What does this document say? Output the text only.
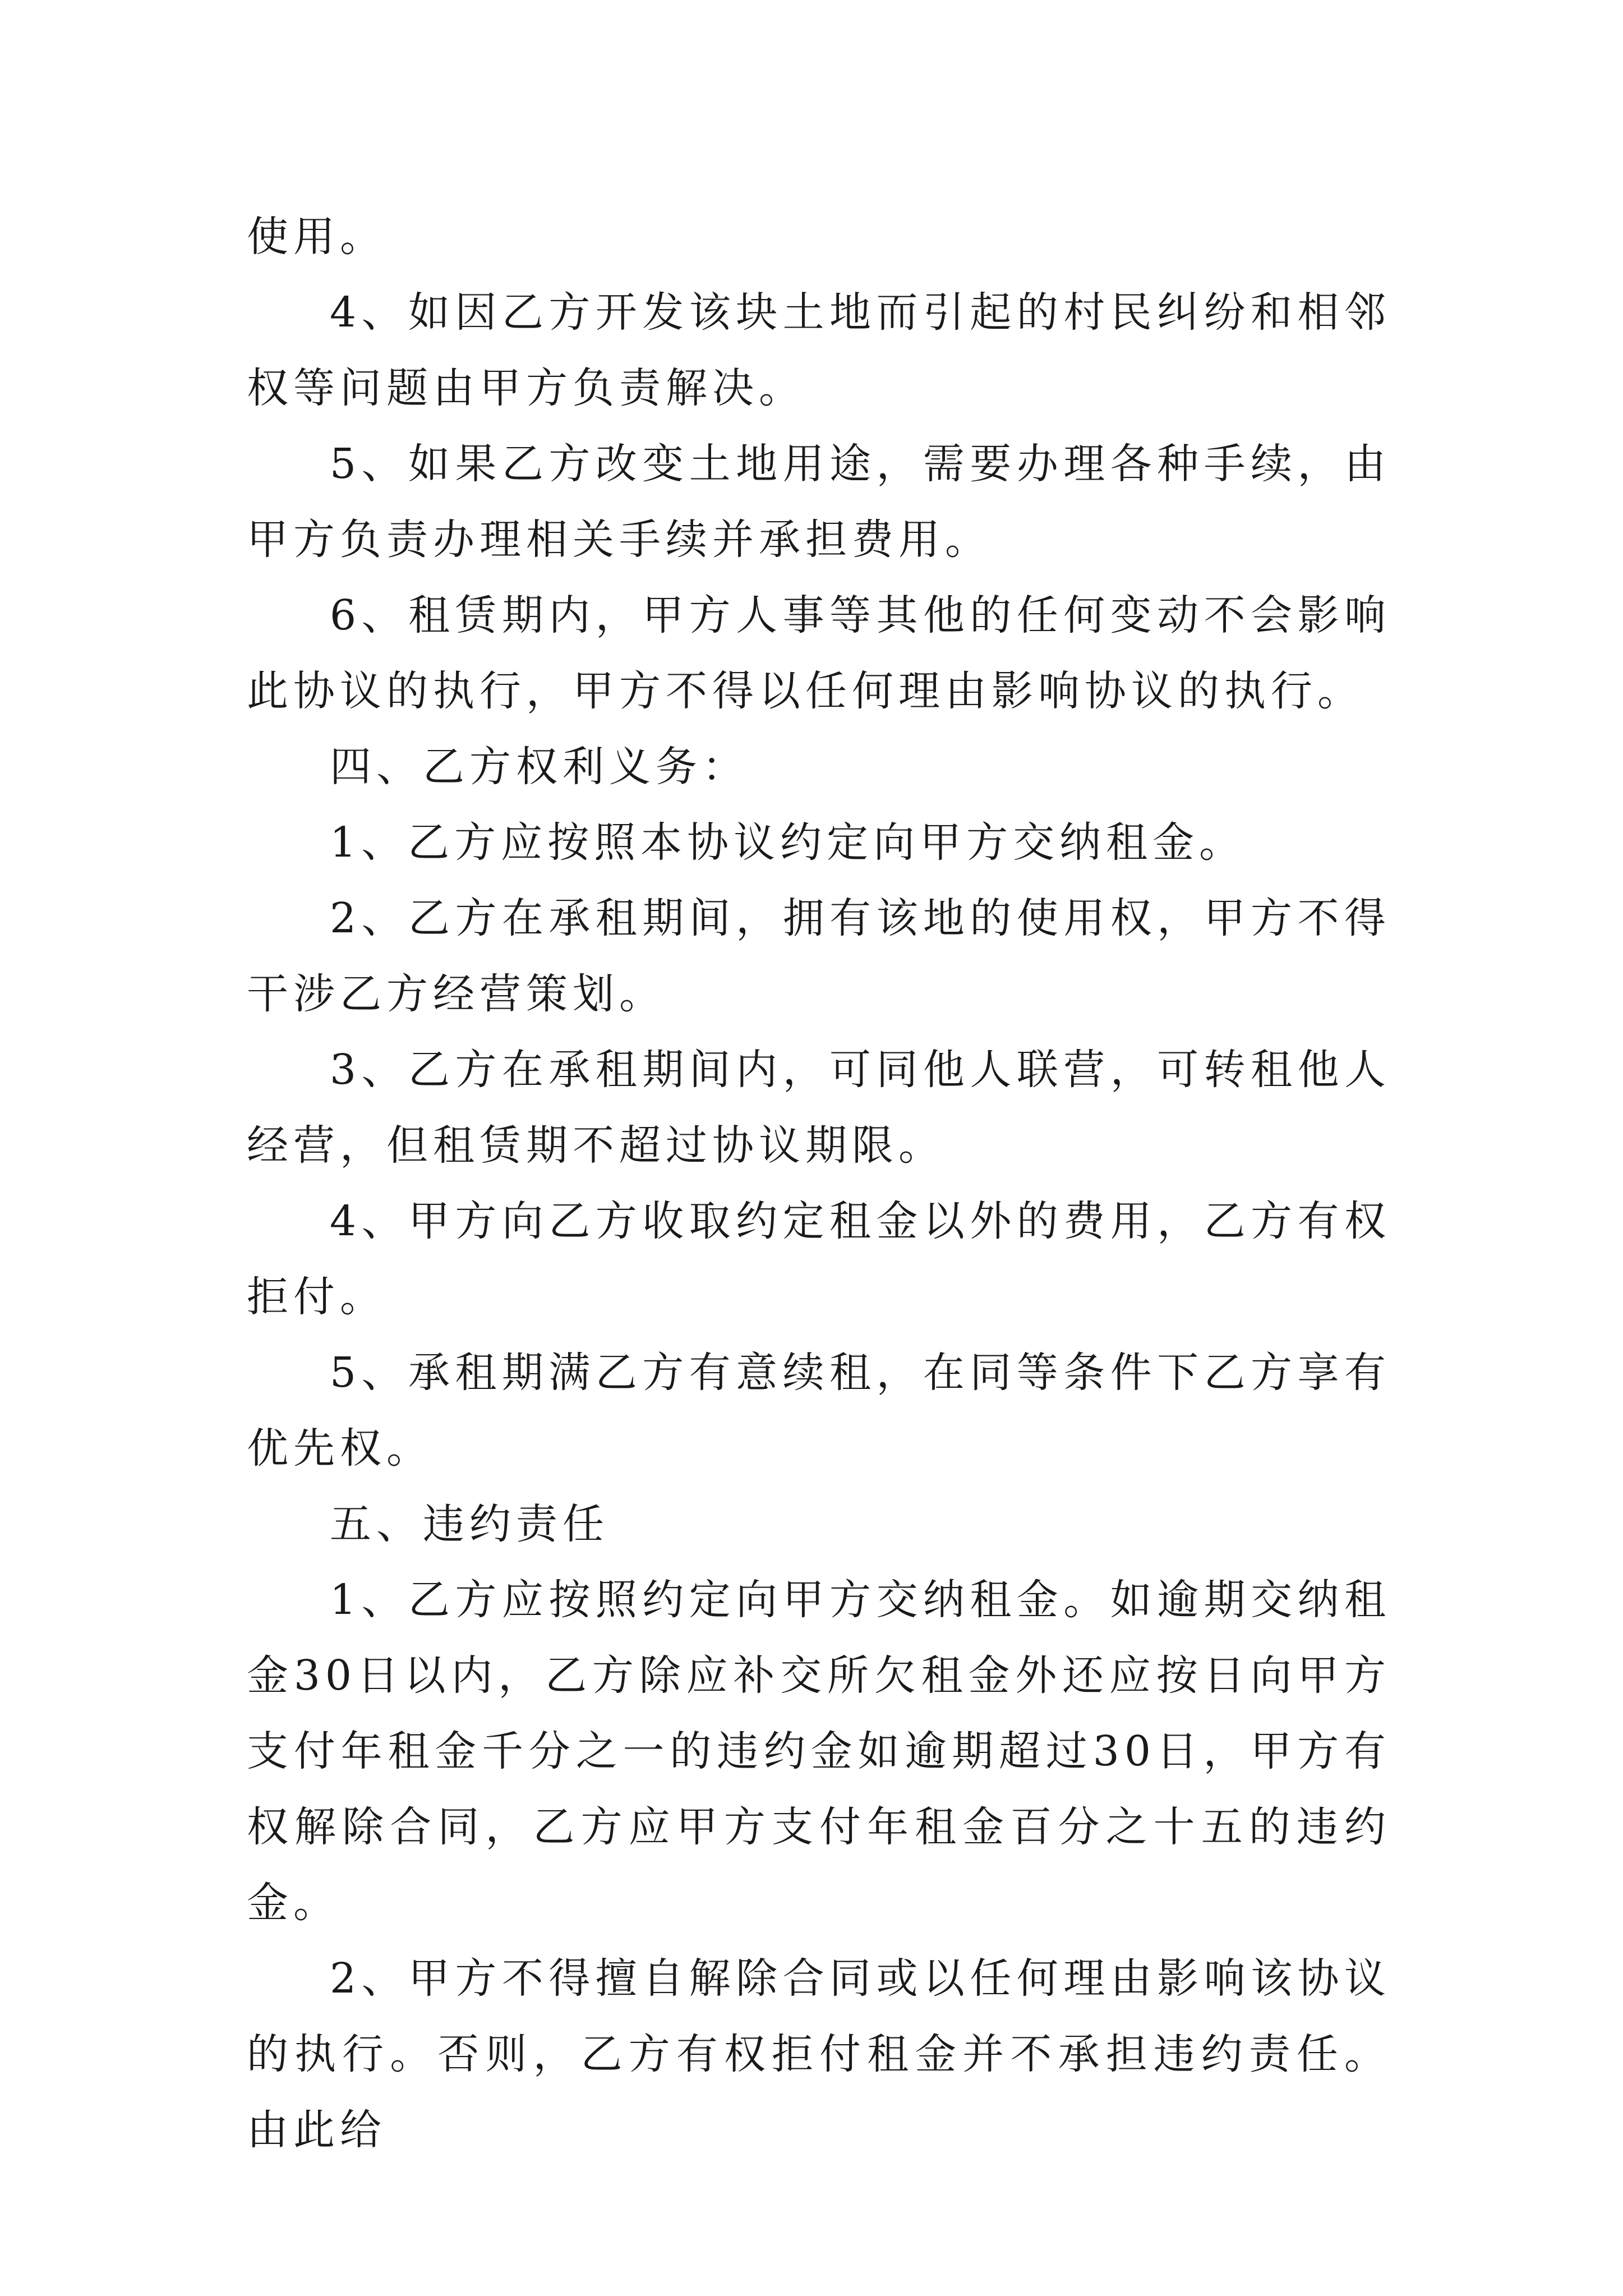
使用。

4、如因乙方开发该块土地而引起的村民纠纷和相邻权等问题由甲方负责解决。

5、如果乙方改变土地用途，需要办理各种手续，由甲方负责办理相关手续并承担费用。

6、租赁期内，甲方人事等其他的任何变动不会影响此协议的执行，甲方不得以任何理由影响协议的执行。

四、乙方权利义务：

1、乙方应按照本协议约定向甲方交纳租金。

2、乙方在承租期间，拥有该地的使用权，甲方不得干涉乙方经营策划。

3、乙方在承租期间内，可同他人联营，可转租他人经营，但租赁期不超过协议期限。

4、甲方向乙方收取约定租金以外的费用，乙方有权拒付。

5、承租期满乙方有意续租，在同等条件下乙方享有优先权。

五、违约责任

1、乙方应按照约定向甲方交纳租金。如逾期交纳租金30日以内，乙方除应补交所欠租金外还应按日向甲方支付年租金千分之一的违约金如逾期超过30日，甲方有权解除合同，乙方应甲方支付年租金百分之十五的违约金。

2、甲方不得擅自解除合同或以任何理由影响该协议的执行。否则，乙方有权拒付租金并不承担违约责任。由此给
